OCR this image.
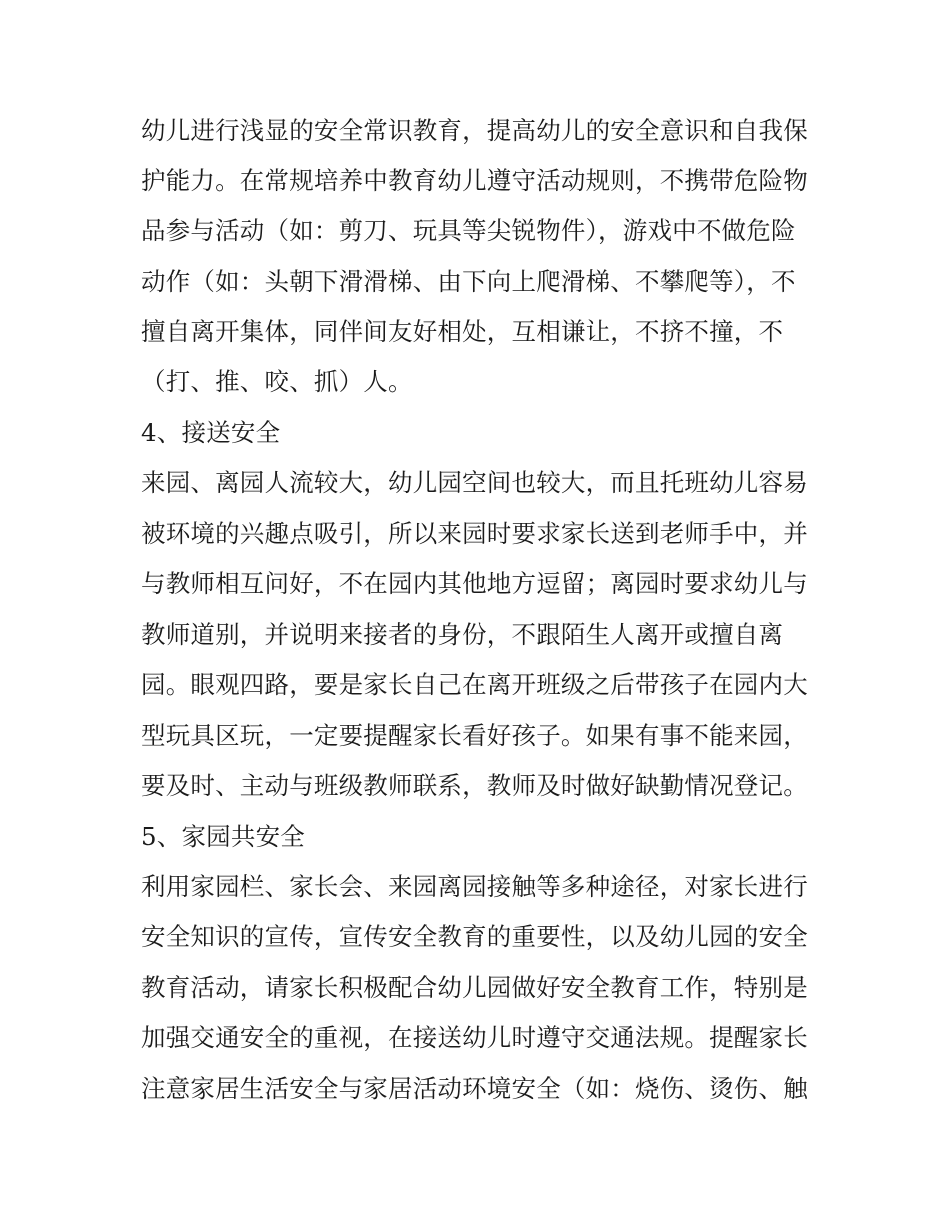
幼儿进行浅显的安全常识教育，提高幼儿的安全意识和自我保
护能力。在常规培养中教育幼儿遵守活动规则，不携带危险物
品参与活动（如：剪刀、玩具等尖锐物件），游戏中不做危险
动作（如：头朝下滑滑梯、由下向上爬滑梯、不攀爬等），不
擅自离开集体，同伴间友好相处，互相谦让，不挤不撞，不
（打、推、咬、抓）人。
4、接送安全
来园、离园人流较大，幼儿园空间也较大，而且托班幼儿容易
被环境的兴趣点吸引，所以来园时要求家长送到老师手中，并
与教师相互问好，不在园内其他地方逗留；离园时要求幼儿与
教师道别，并说明来接者的身份，不跟陌生人离开或擅自离
园。眼观四路，要是家长自己在离开班级之后带孩子在园内大
型玩具区玩，一定要提醒家长看好孩子。如果有事不能来园，
要及时、主动与班级教师联系，教师及时做好缺勤情况登记。
5、家园共安全
利用家园栏、家长会、来园离园接触等多种途径，对家长进行
安全知识的宣传，宣传安全教育的重要性，以及幼儿园的安全
教育活动，请家长积极配合幼儿园做好安全教育工作，特别是
加强交通安全的重视，在接送幼儿时遵守交通法规。提醒家长
注意家居生活安全与家居活动环境安全（如：烧伤、烫伤、触
